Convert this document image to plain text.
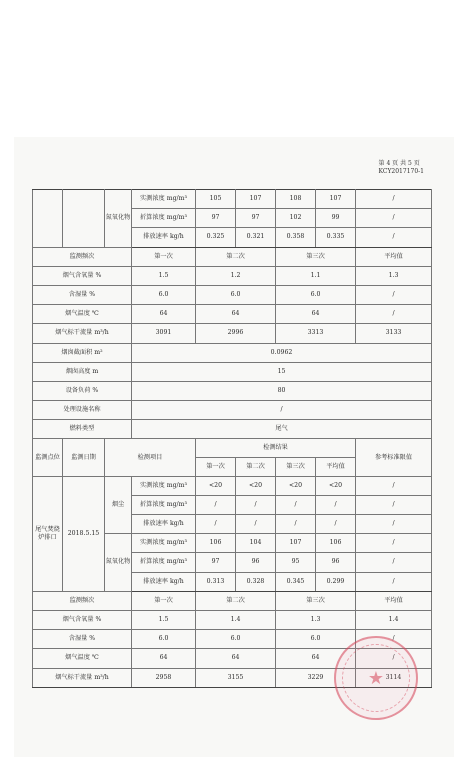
第 4 页 共 5 页
KCY2017170-1
		氮氧化物	实测浓度 mg/m³	105	107	108	107	/
			折算浓度 mg/m³	97	97	102	99	/
			排放速率 kg/h	0.325	0.321	0.358	0.335	/
监测频次			第一次	第二次		第三次		平均值
烟气含氧量 %			1.5	1.2		1.1		1.3
含湿量 %			6.0	6.0		6.0		/
烟气温度 ℃			64	64		64		/
烟气标干流量 m³/h			3091	2996		3313		3133
烟囱截面积 m²			0.0962					
烟囱高度 m			15					
设备负荷 %			80					
处理设施名称			/					
燃料类型			尾气					
监测点位	监测日期	检测项目		检测结果				参考标准限值
				第一次	第二次	第三次	平均值	
尾气焚烧炉排口	2018.5.15	烟尘	实测浓度 mg/m³	<20	<20	<20	<20	/
			折算浓度 mg/m³	/	/	/	/	/
			排放速率 kg/h	/	/	/	/	/
		氮氧化物	实测浓度 mg/m³	106	104	107	106	/
			折算浓度 mg/m³	97	96	95	96	/
			排放速率 kg/h	0.313	0.328	0.345	0.299	/
监测频次			第一次	第二次		第三次		平均值
烟气含氧量 %			1.5	1.4		1.3		1.4
含湿量 %			6.0	6.0		6.0		/
烟气温度 ℃			64	64		64		/
烟气标干流量 m³/h			2958	3155		3229		3114
★
